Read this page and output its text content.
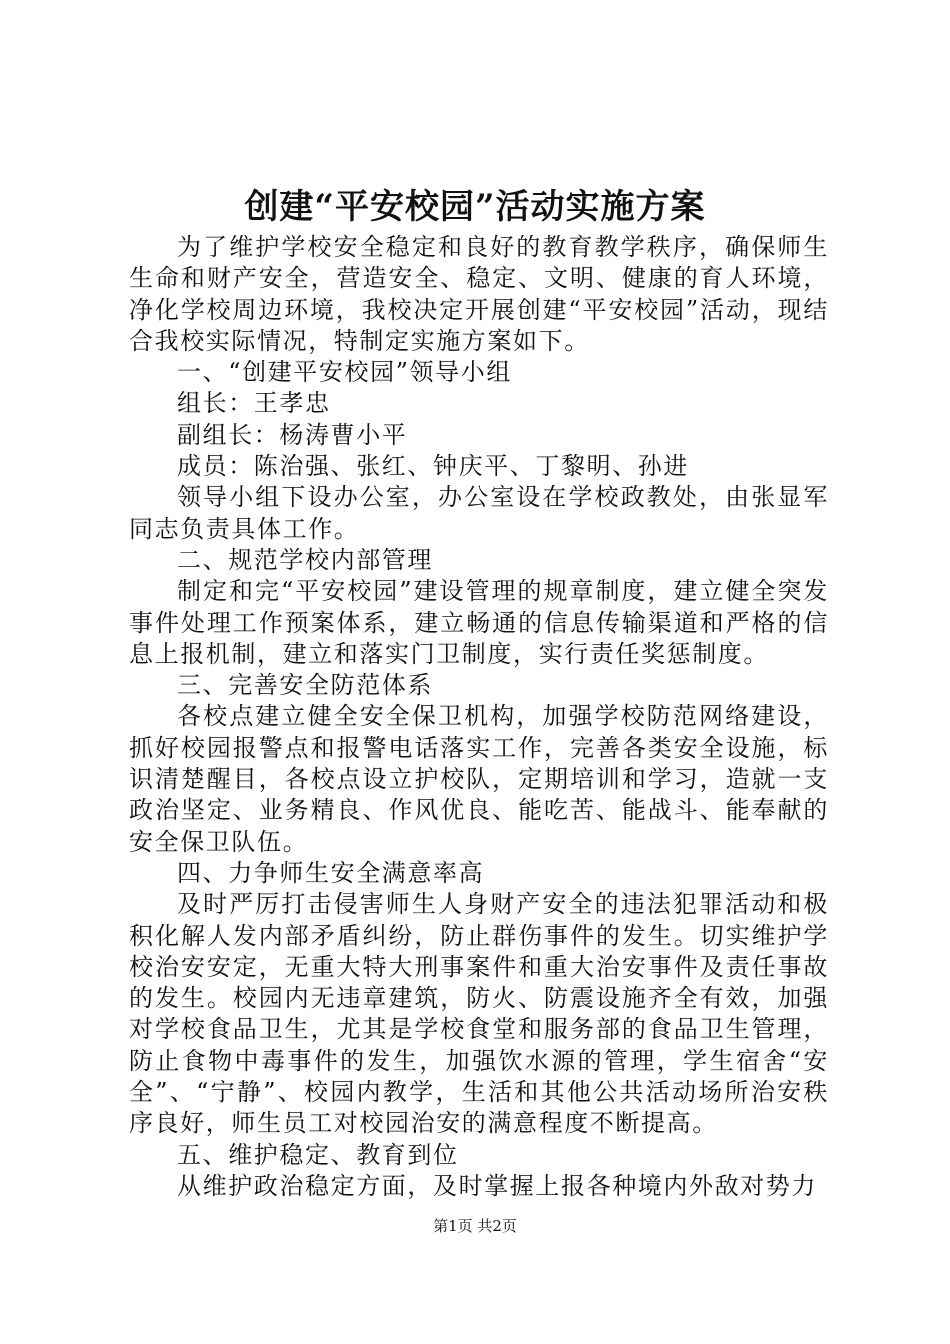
创建“平安校园”活动实施方案

为了维护学校安全稳定和良好的教育教学秩序，确保师生生命和财产安全，营造安全、稳定、文明、健康的育人环境，净化学校周边环境，我校决定开展创建“平安校园”活动，现结合我校实际情况，特制定实施方案如下。

一、“创建平安校园”领导小组

组长：王孝忠

副组长：杨涛曹小平

成员：陈治强、张红、钟庆平、丁黎明、孙进

领导小组下设办公室，办公室设在学校政教处，由张显军同志负责具体工作。

二、规范学校内部管理

制定和完“平安校园”建设管理的规章制度，建立健全突发事件处理工作预案体系，建立畅通的信息传输渠道和严格的信息上报机制，建立和落实门卫制度，实行责任奖惩制度。

三、完善安全防范体系

各校点建立健全安全保卫机构，加强学校防范网络建设，抓好校园报警点和报警电话落实工作，完善各类安全设施，标识清楚醒目，各校点设立护校队，定期培训和学习，造就一支政治坚定、业务精良、作风优良、能吃苦、能战斗、能奉献的安全保卫队伍。

四、力争师生安全满意率高

及时严厉打击侵害师生人身财产安全的违法犯罪活动和极积化解人发内部矛盾纠纷，防止群伤事件的发生。切实维护学校治安安定，无重大特大刑事案件和重大治安事件及责任事故的发生。校园内无违章建筑，防火、防震设施齐全有效，加强对学校食品卫生，尤其是学校食堂和服务部的食品卫生管理，防止食物中毒事件的发生，加强饮水源的管理，学生宿舍“安全”、“宁静”、校园内教学，生活和其他公共活动场所治安秩序良好，师生员工对校园治安的满意程度不断提高。

五、维护稳定、教育到位

从维护政治稳定方面，及时掌握上报各种境内外敌对势力

第1页 共2页
